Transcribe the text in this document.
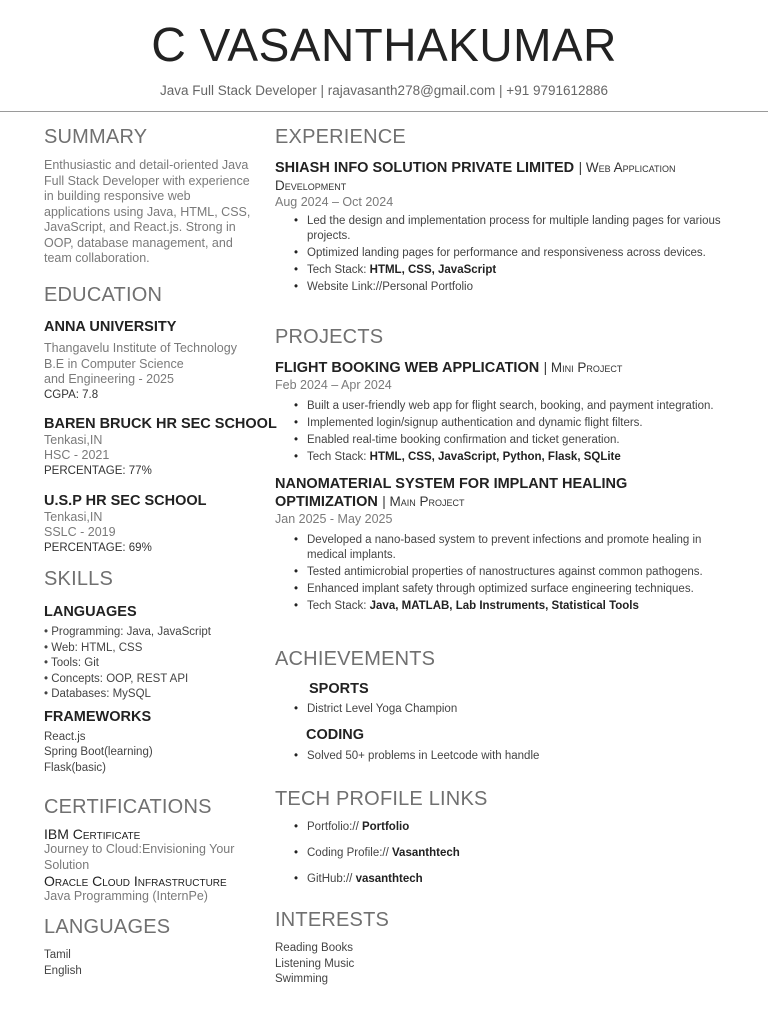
C VASANTHAKUMAR
Java Full Stack Developer | rajavasanth278@gmail.com | +91 9791612886
SUMMARY
Enthusiastic and detail-oriented Java
Full Stack Developer with experience
in building responsive web
applications using Java, HTML, CSS,
JavaScript, and React.js. Strong in
OOP, database management, and
team collaboration.
EDUCATION
ANNA UNIVERSITY
Thangavelu Institute of Technology
B.E in Computer Science
and Engineering - 2025
CGPA: 7.8
BAREN BRUCK HR SEC SCHOOL
Tenkasi,IN
HSC - 2021
PERCENTAGE: 77%
U.S.P HR SEC SCHOOL
Tenkasi,IN
SSLC - 2019
PERCENTAGE: 69%
SKILLS
LANGUAGES
• Programming: Java, JavaScript
• Web: HTML, CSS
• Tools: Git
• Concepts: OOP, REST API
• Databases: MySQL
FRAMEWORKS
React.js
Spring Boot(learning)
Flask(basic)
CERTIFICATIONS
IBM Certificate
Journey to Cloud:Envisioning Your
Solution
Oracle Cloud Infrastructure
Java Programming (InternPe)
LANGUAGES
Tamil
English
EXPERIENCE
SHIASH INFO SOLUTION PRIVATE LIMITED | Web Application
Development
Aug 2024 – Oct 2024
• Led the design and implementation process for multiple landing pages for various projects.
• Optimized landing pages for performance and responsiveness across devices.
• Tech Stack: HTML, CSS, JavaScript
• Website Link://Personal Portfolio
PROJECTS
FLIGHT BOOKING WEB APPLICATION | Mini Project
Feb 2024 – Apr 2024
• Built a user-friendly web app for flight search, booking, and payment integration.
• Implemented login/signup authentication and dynamic flight filters.
• Enabled real-time booking confirmation and ticket generation.
• Tech Stack: HTML, CSS, JavaScript, Python, Flask, SQLite
NANOMATERIAL SYSTEM FOR IMPLANT HEALING
OPTIMIZATION | Main Project
Jan 2025 - May 2025
• Developed a nano-based system to prevent infections and promote healing in medical implants.
• Tested antimicrobial properties of nanostructures against common pathogens.
• Enhanced implant safety through optimized surface engineering techniques.
• Tech Stack: Java, MATLAB, Lab Instruments, Statistical Tools
ACHIEVEMENTS
SPORTS
• District Level Yoga Champion
CODING
• Solved 50+ problems in Leetcode with handle
TECH PROFILE LINKS
• Portfolio:// Portfolio
• Coding Profile:// Vasanthtech
• GitHub:// vasanthtech
INTERESTS
Reading Books
Listening Music
Swimming
